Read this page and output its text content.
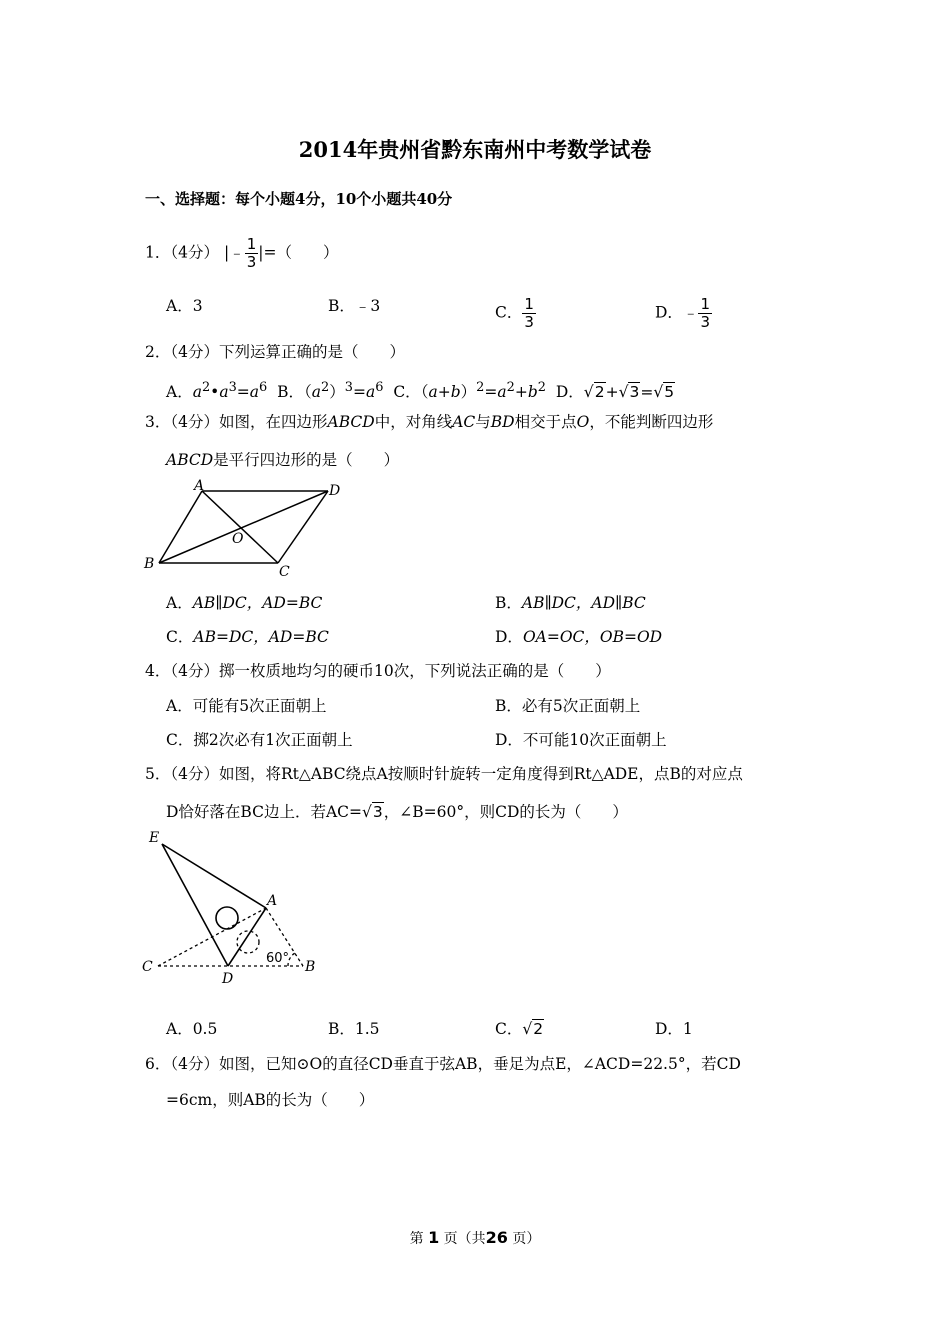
2014年贵州省黔东南州中考数学试卷
一、选择题：每个小题4分，10个小题共40分
1．（4分） |﹣ $\frac{1}{3}$ |=（　　）
A．3	B．﹣3	C． $\frac{1}{3}$	D．﹣ $\frac{1}{3}$
2．（4分）下列运算正确的是（　　）
A．$a^2•a^3=a^6$ B．$(a^2)^3=a^6$ C．$(a+b)^2=a^2+b^2$ D．√2+√3=√5
3．（4分）如图，在四边形ABCD中，对角线AC与BD相交于点O，不能判断四边形
ABCD是平行四边形的是（　　）
A	D
B	C
O
A．AB∥DC，AD=BC	B．AB∥DC，AD∥BC
C．AB=DC，AD=BC	D．OA=OC，OB=OD
4．（4分）掷一枚质地均匀的硬币10次，下列说法正确的是（　　）
A．可能有5次正面朝上	B．必有5次正面朝上
C．掷2次必有1次正面朝上	D．不可能10次正面朝上
5．（4分）如图，将Rt△ABC绕点A按顺时针旋转一定角度得到Rt△ADE，点B的对应点
D恰好落在BC边上．若AC=√3，∠B=60°，则CD的长为（　　）
E
A
C
D
B
60°
A．0.5	B．1.5	C．√2	D．1
6．（4分）如图，已知⊙O的直径CD垂直于弦AB，垂足为点E，∠ACD=22.5°，若CD
=6cm，则AB的长为（　　）
第 1 页（共26 页）
